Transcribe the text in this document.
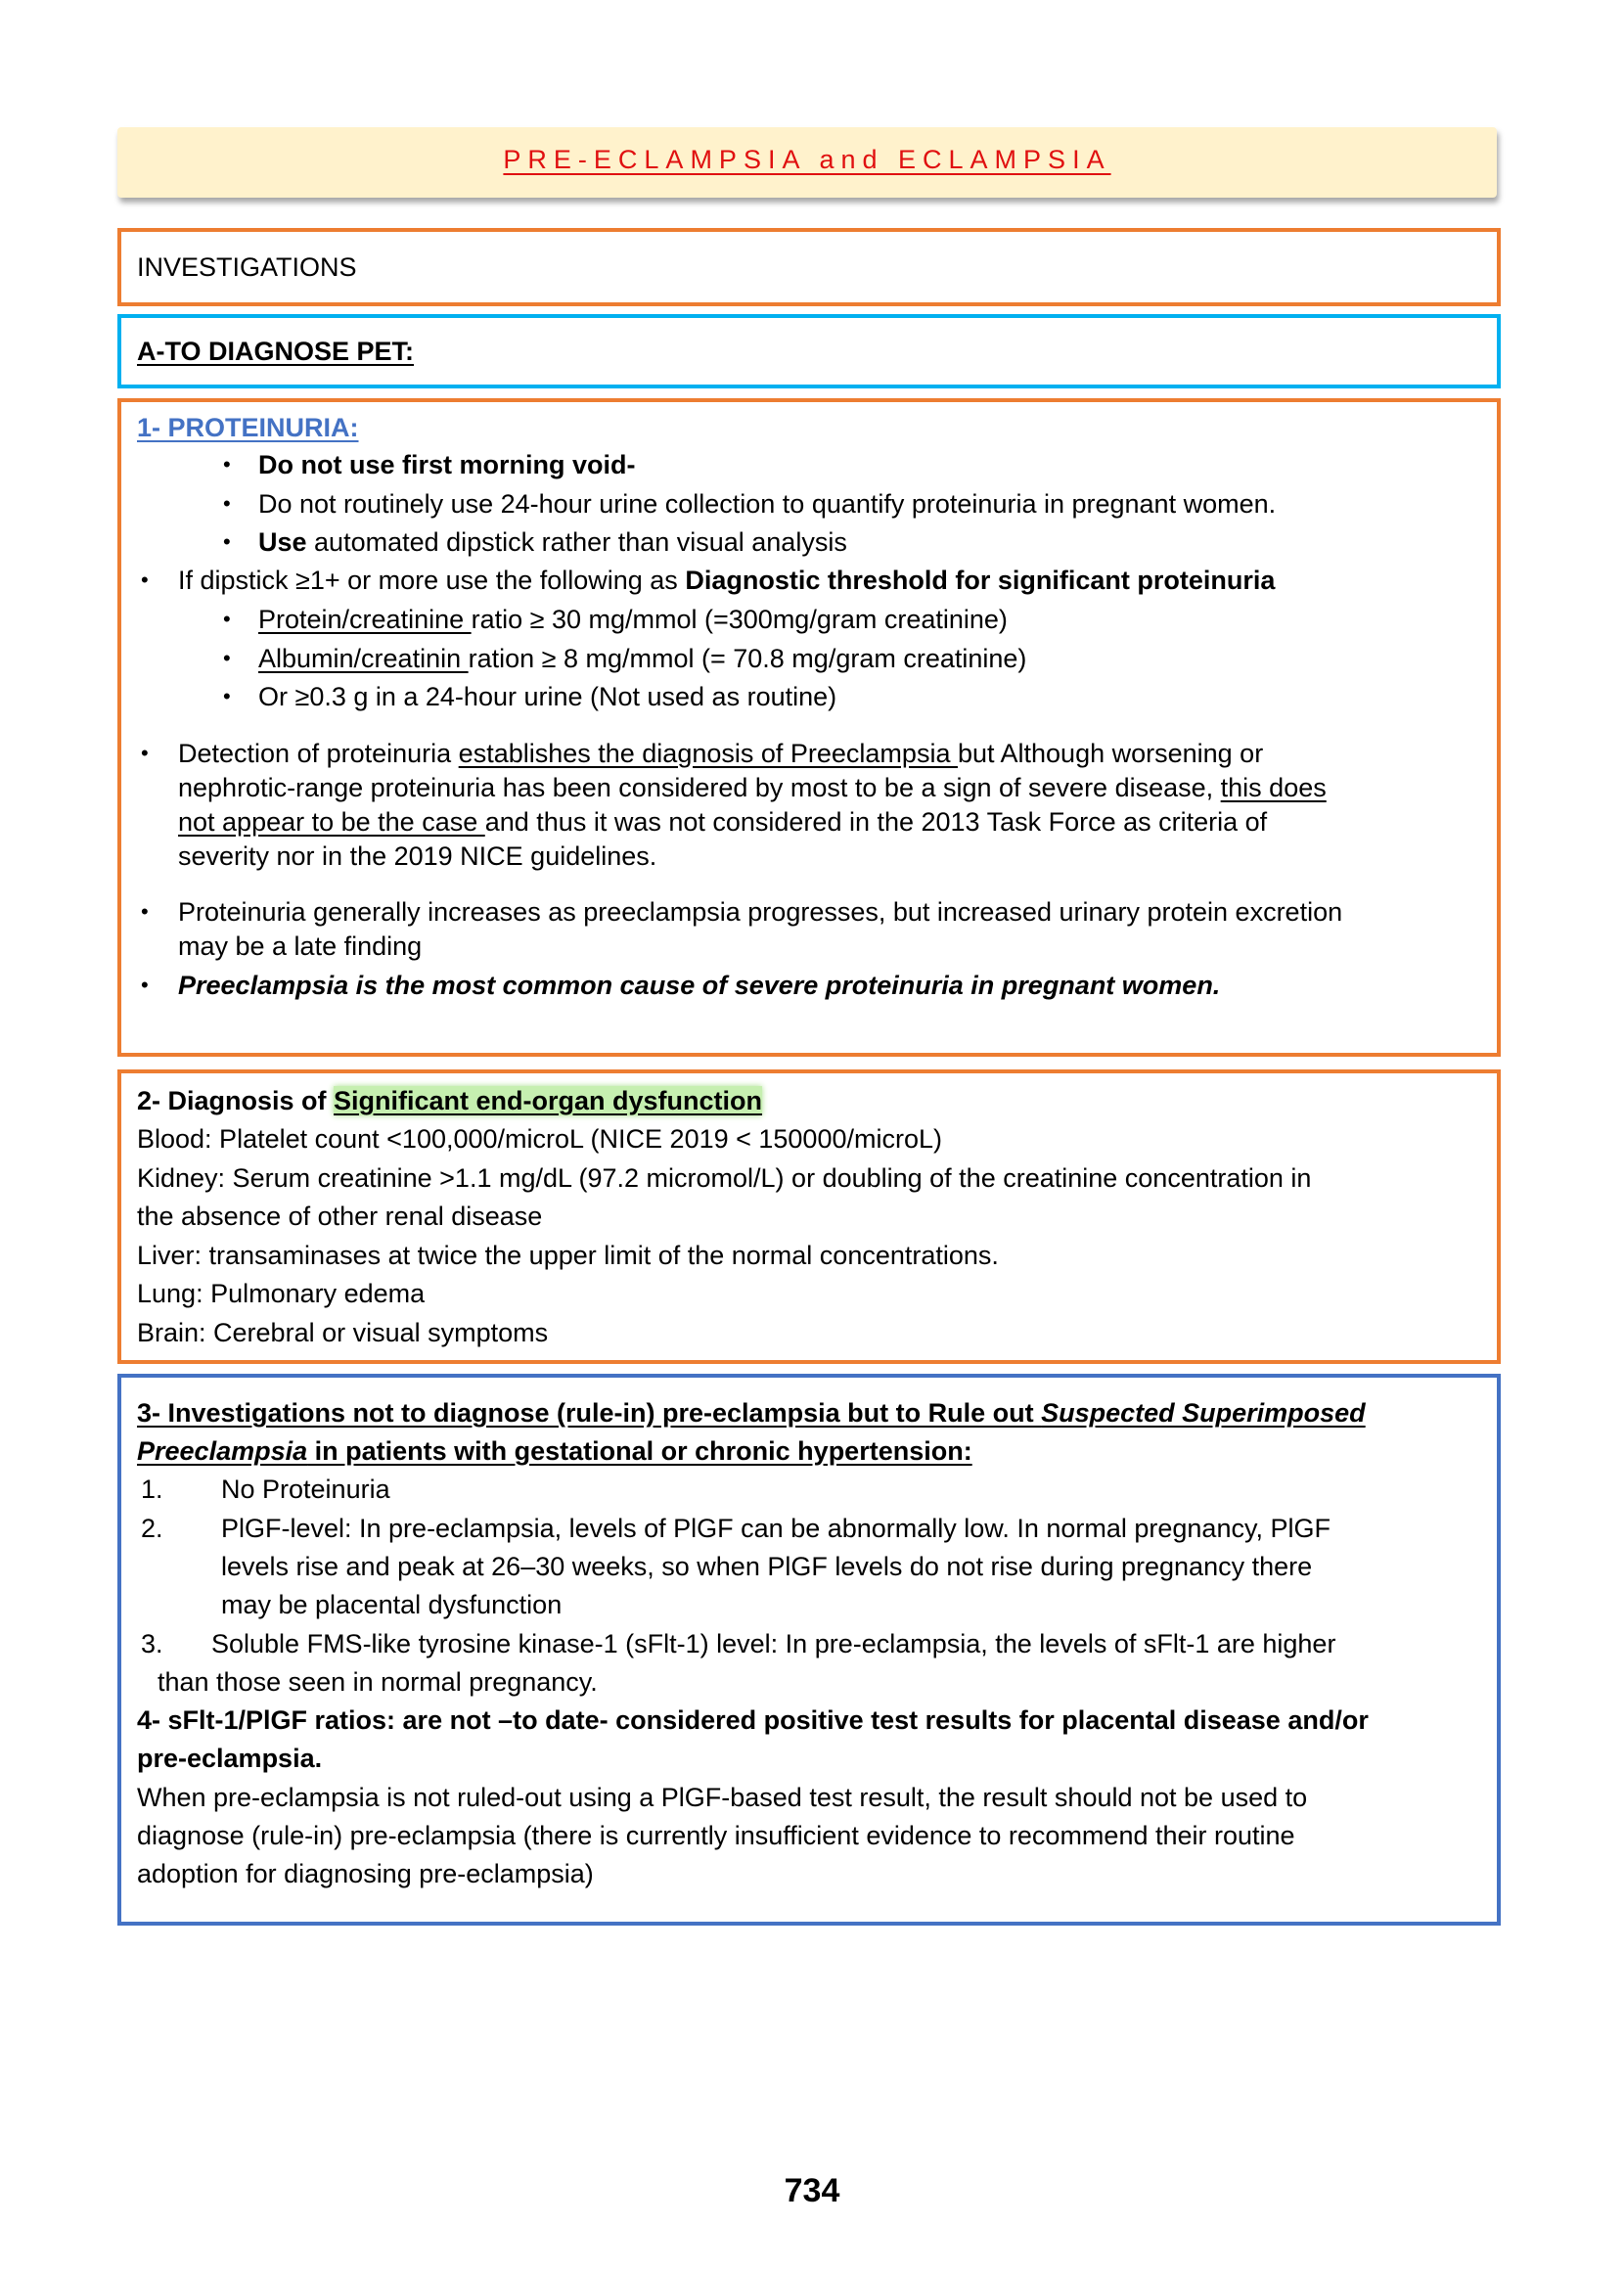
PRE-ECLAMPSIA and ECLAMPSIA
INVESTIGATIONS
A-TO DIAGNOSE PET:
1- PROTEINURIA:
• Do not use first morning void-
• Do not routinely use 24-hour urine collection to quantify proteinuria in pregnant women.
• Use automated dipstick rather than visual analysis
• If dipstick ≥1+ or more use the following as Diagnostic threshold for significant proteinuria
• Protein/creatinine ratio ≥ 30 mg/mmol (=300mg/gram creatinine)
• Albumin/creatinin ration ≥ 8 mg/mmol (= 70.8 mg/gram creatinine)
• Or ≥0.3 g in a 24-hour urine (Not used as routine)
• Detection of proteinuria establishes the diagnosis of Preeclampsia but Although worsening or
nephrotic-range proteinuria has been considered by most to be a sign of severe disease, this does
not appear to be the case and thus it was not considered in the 2013 Task Force as criteria of
severity nor in the 2019 NICE guidelines.
• Proteinuria generally increases as preeclampsia progresses, but increased urinary protein excretion
may be a late finding
• Preeclampsia is the most common cause of severe proteinuria in pregnant women.
2- Diagnosis of Significant end-organ dysfunction
Blood: Platelet count <100,000/microL (NICE 2019 < 150000/microL)
Kidney: Serum creatinine >1.1 mg/dL (97.2 micromol/L) or doubling of the creatinine concentration in
the absence of other renal disease
Liver: transaminases at twice the upper limit of the normal concentrations.
Lung: Pulmonary edema
Brain: Cerebral or visual symptoms
3- Investigations not to diagnose (rule-in) pre-eclampsia but to Rule out Suspected Superimposed
Preeclampsia in patients with gestational or chronic hypertension:
1. No Proteinuria
2. PlGF-level: In pre-eclampsia, levels of PlGF can be abnormally low. In normal pregnancy, PlGF
levels rise and peak at 26–30 weeks, so when PlGF levels do not rise during pregnancy there
may be placental dysfunction
3. Soluble FMS-like tyrosine kinase-1 (sFlt-1) level: In pre-eclampsia, the levels of sFlt-1 are higher
than those seen in normal pregnancy.
4- sFlt-1/PlGF ratios: are not –to date- considered positive test results for placental disease and/or
pre-eclampsia.
When pre-eclampsia is not ruled-out using a PlGF-based test result, the result should not be used to
diagnose (rule-in) pre-eclampsia (there is currently insufficient evidence to recommend their routine
adoption for diagnosing pre-eclampsia)
734
